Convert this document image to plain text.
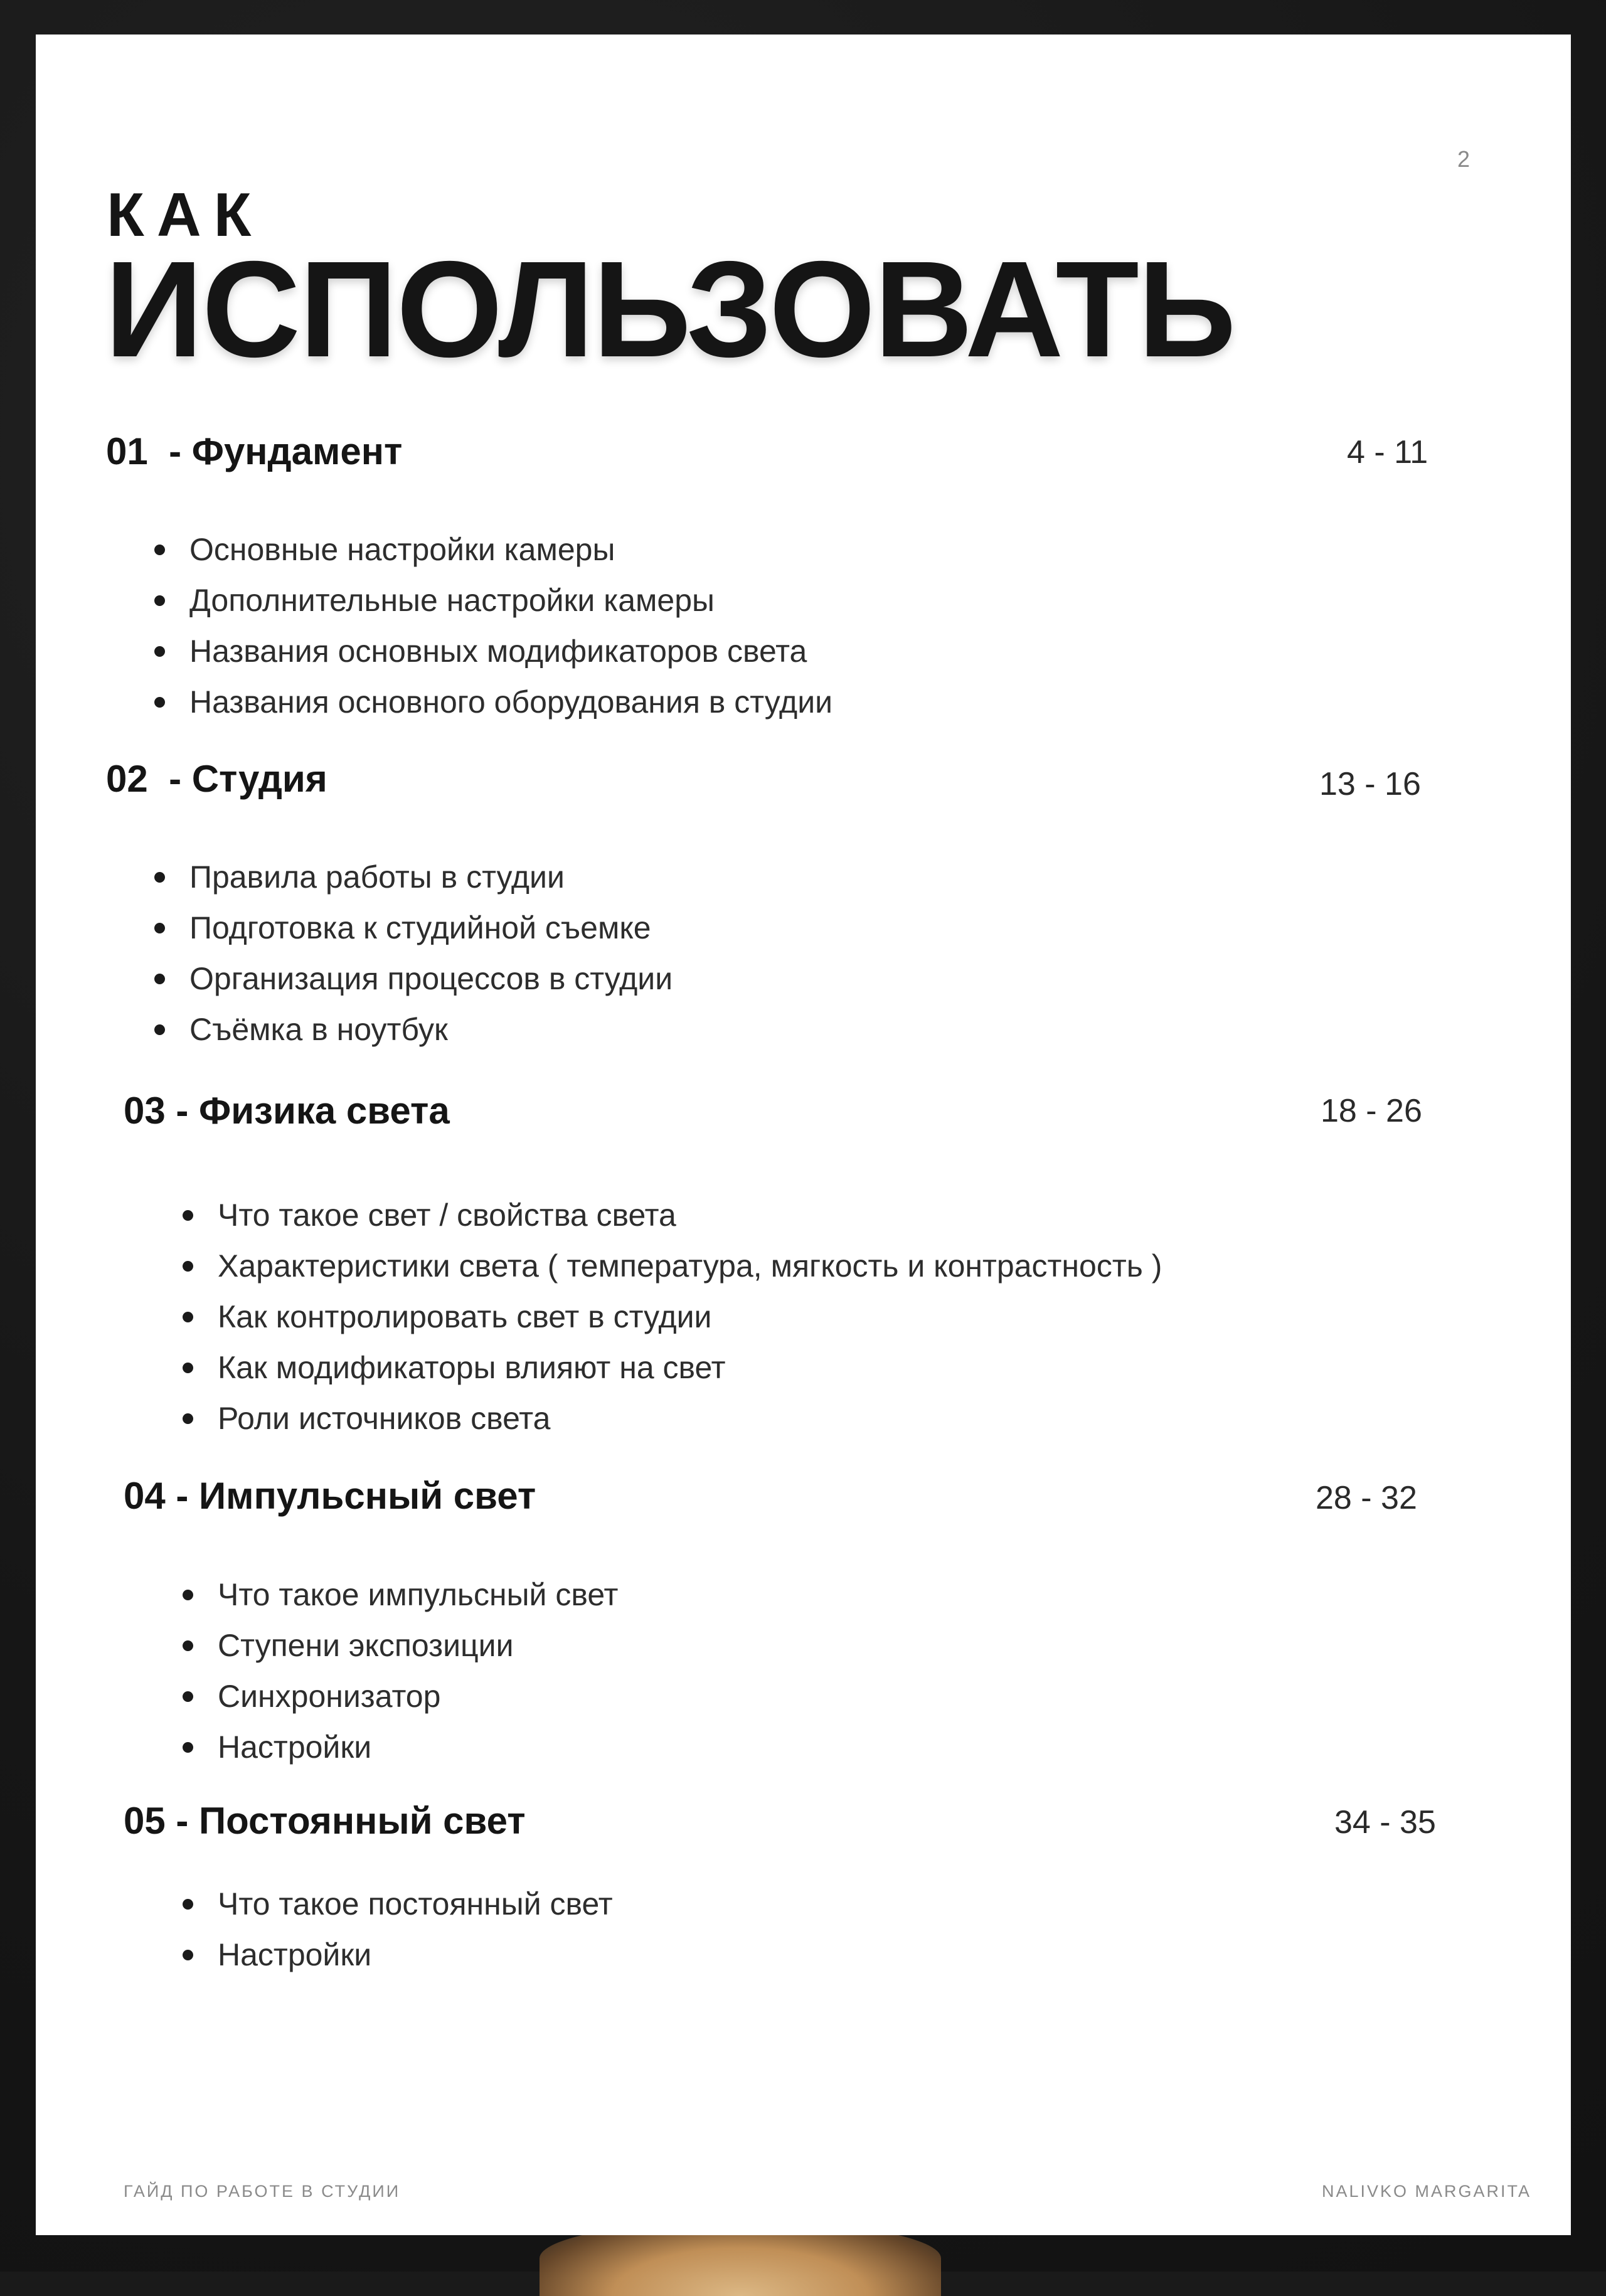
2
КАК
ИСПОЛЬЗОВАТЬ
01  - Фундамент	4 - 11
Основные настройки камеры
Дополнительные настройки камеры
Названия основных модификаторов света
Названия основного оборудования в студии
02  - Студия	13 - 16
Правила работы в студии
Подготовка к студийной съемке
Организация процессов в студии
Съёмка в ноутбук
03 - Физика света	18 - 26
Что такое свет / свойства света
Характеристики света ( температура, мягкость и контрастность )
Как контролировать свет в студии
Как модификаторы влияют на свет
Роли источников света
04 - Импульсный свет	28 - 32
Что такое импульсный свет
Ступени экспозиции
Синхронизатор
Настройки
05 - Постоянный свет	34 - 35
Что такое постоянный свет
Настройки
ГАЙД ПО РАБОТЕ В СТУДИИ	NALIVKO MARGARITA
